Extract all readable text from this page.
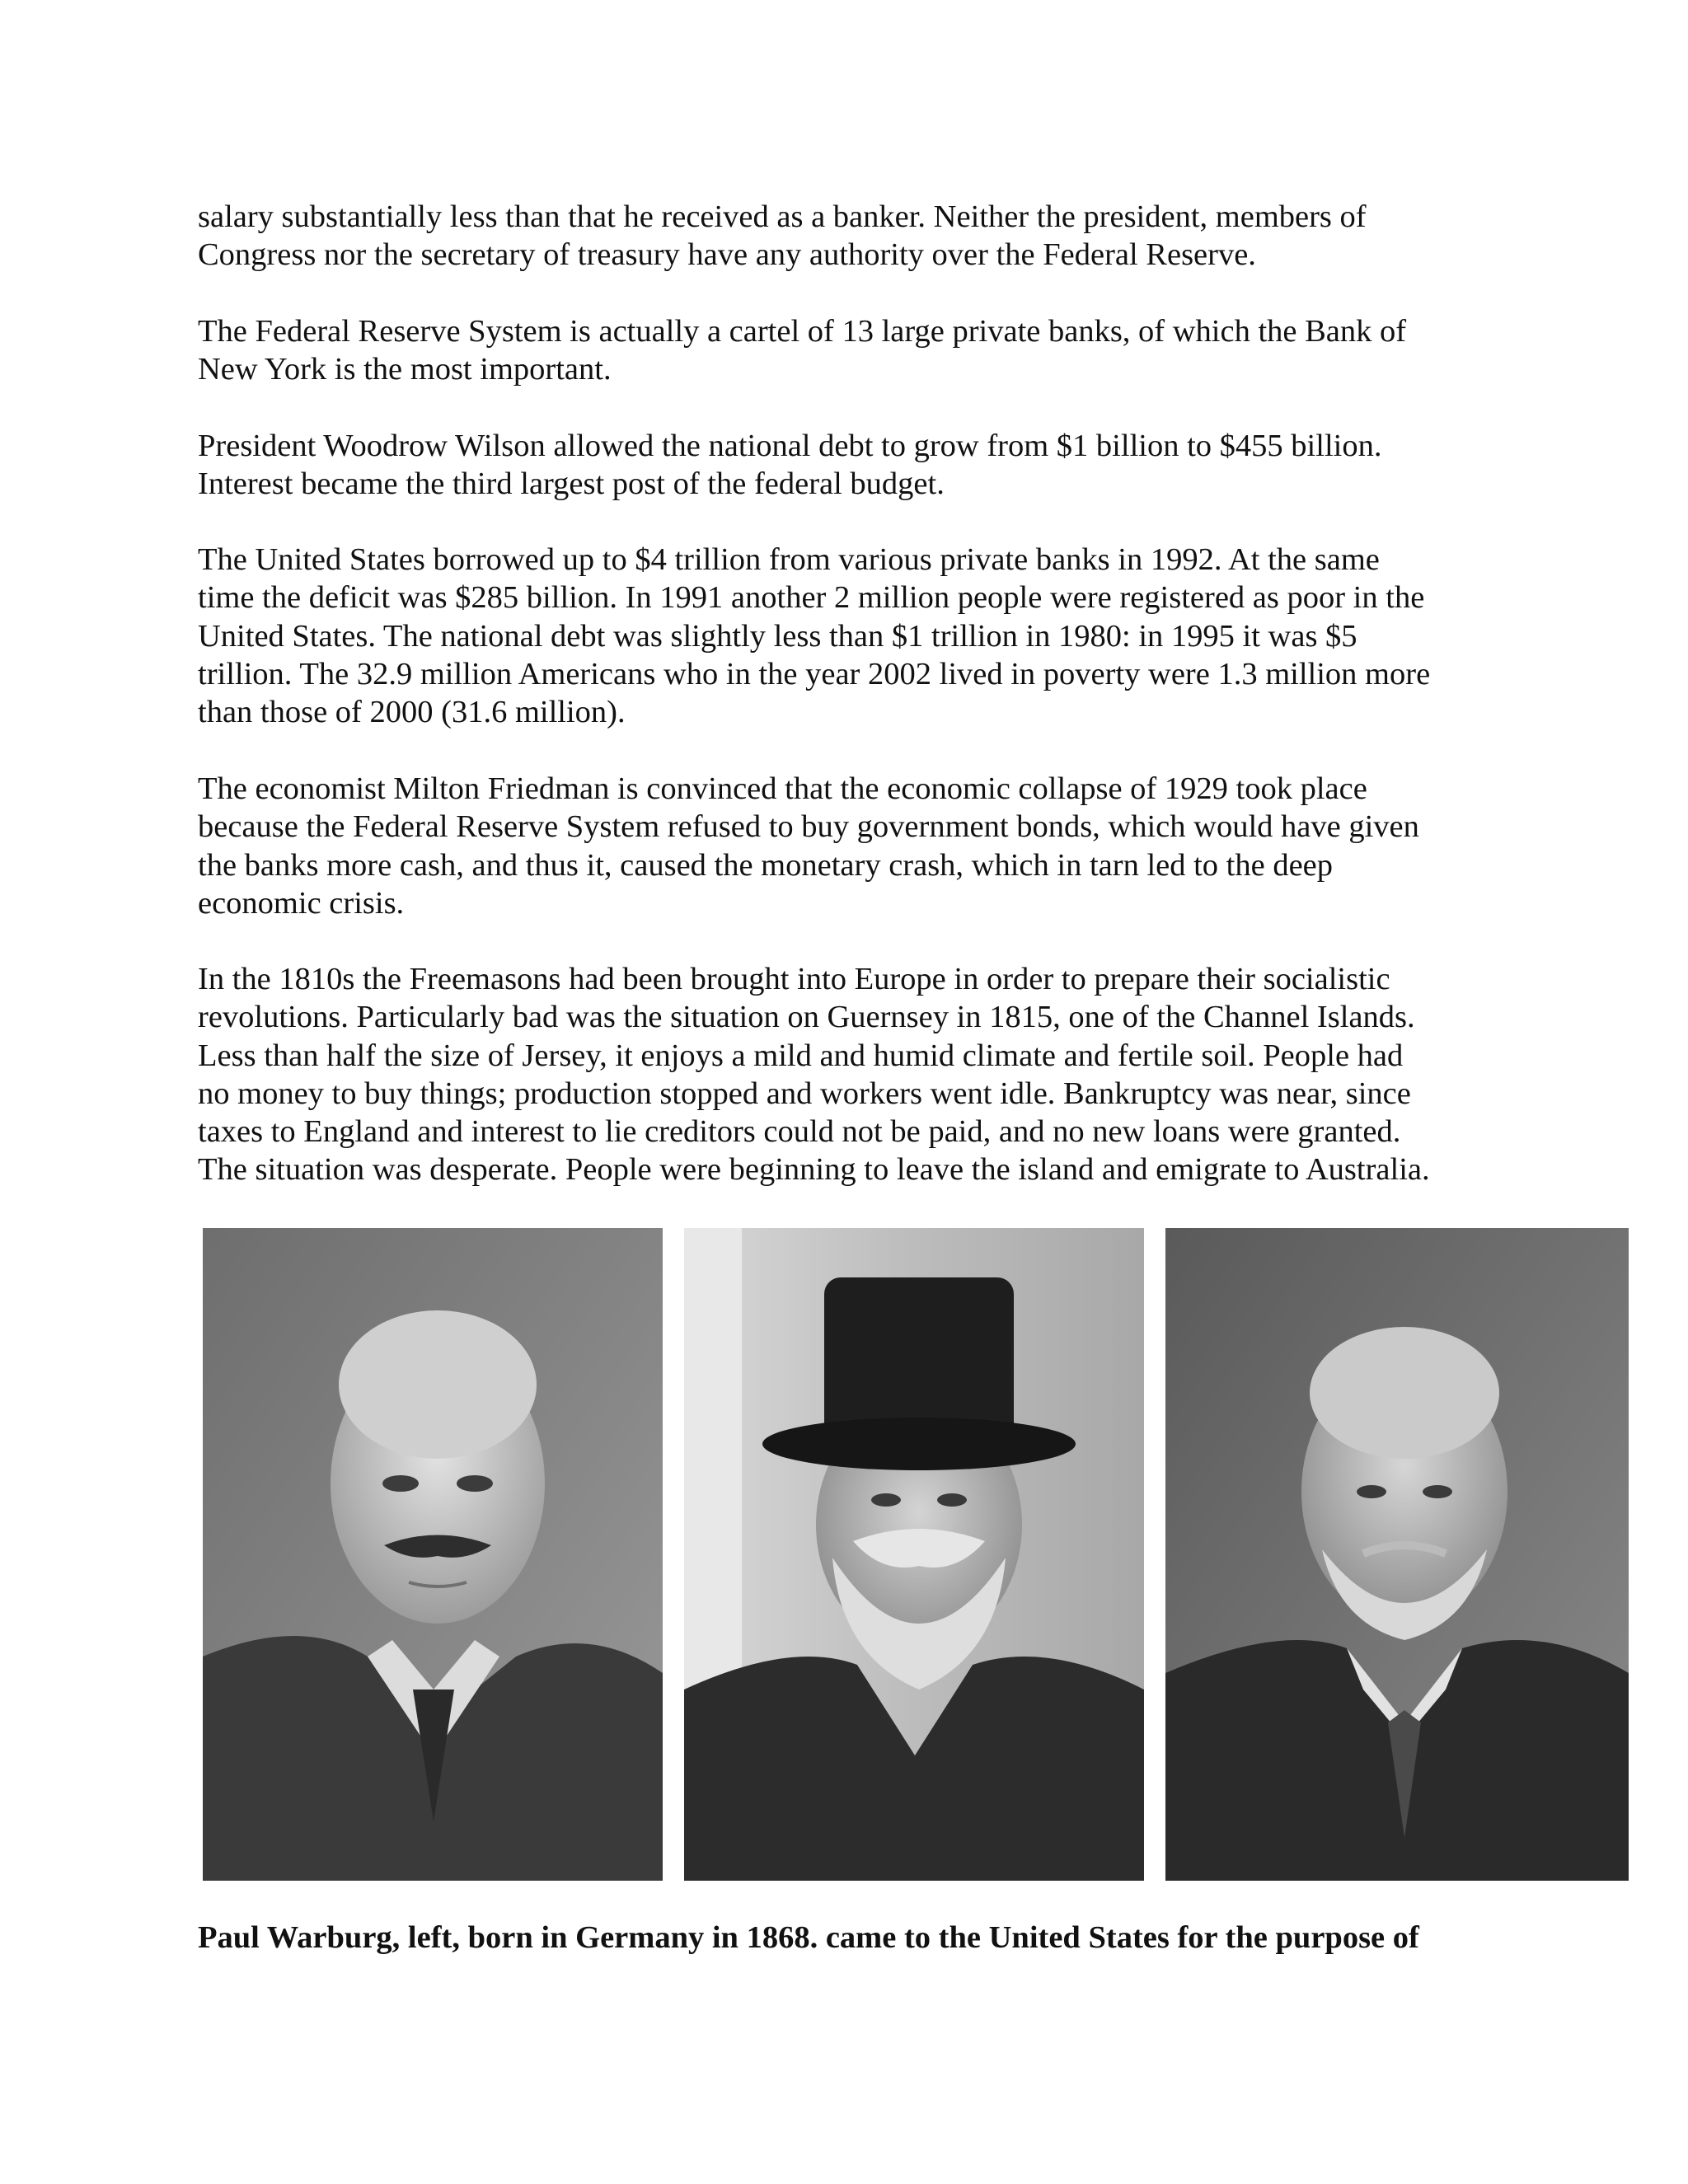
salary substantially less than that he received as a banker. Neither the president, members of
Congress nor the secretary of treasury have any authority over the Federal Reserve.

The Federal Reserve System is actually a cartel of 13 large private banks, of which the Bank of
New York is the most important.

President Woodrow Wilson allowed the national debt to grow from $1 billion to $455 billion.
Interest became the third largest post of the federal budget.

The United States borrowed up to $4 trillion from various private banks in 1992. At the same
time the deficit was $285 billion. In 1991 another 2 million people were registered as poor in the
United States. The national debt was slightly less than $1 trillion in 1980: in 1995 it was $5
trillion. The 32.9 million Americans who in the year 2002 lived in poverty were 1.3 million more
than those of 2000 (31.6 million).

The economist Milton Friedman is convinced that the economic collapse of 1929 took place
because the Federal Reserve System refused to buy government bonds, which would have given
the banks more cash, and thus it, caused the monetary crash, which in tarn led to the deep
economic crisis.

In the 1810s the Freemasons had been brought into Europe in order to prepare their socialistic
revolutions. Particularly bad was the situation on Guernsey in 1815, one of the Channel Islands.
Less than half the size of Jersey, it enjoys a mild and humid climate and fertile soil. People had
no money to buy things; production stopped and workers went idle. Bankruptcy was near, since
taxes to England and interest to lie creditors could not be paid, and no new loans were granted.
The situation was desperate. People were beginning to leave the island and emigrate to Australia.

Paul Warburg, left, born in Germany in 1868. came to the United States for the purpose of
